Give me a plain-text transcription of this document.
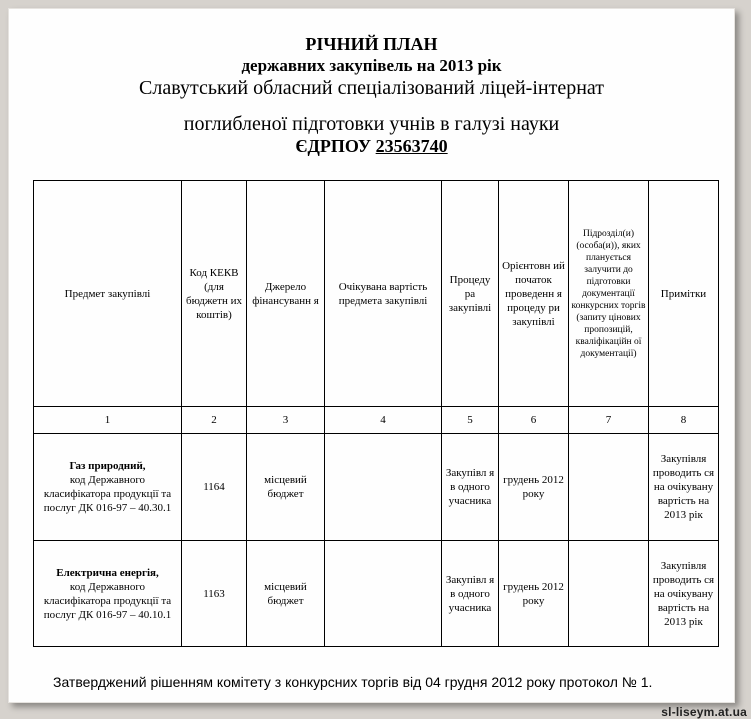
РІЧНИЙ ПЛАН
державних закупівель на 2013 рік
Славутський обласний спеціалізований ліцей-інтернат
поглибленої підготовки учнів в галузі науки
ЄДРПОУ 23563740
Предмет закупівлі	Код КЕКВ (для бюджетн их коштів)	Джерело фінансуванн я	Очікувана вартість предмета закупівлі	Процеду ра закупівлі	Орієнтовн ий початок проведенн я процеду ри закупівлі	Підрозділ(и) (особа(и)), яких планується залучити до підготовки документації конкурсних торгів (запиту цінових пропозицій, кваліфікаційн ої документації)	Примітки
1	2	3	4	5	6	7	8

Газ природний,
код Державного класифікатора продукції та послуг ДК 016-97 – 40.30.1	1164	місцевий бюджет		Закупівл я в одного учасника	грудень 2012 року		Закупівля проводить ся на очікувану вартість на 2013 рік

Електрична енергія,
код Державного класифікатора продукції та послуг ДК 016-97 – 40.10.1	1163	місцевий бюджет		Закупівл я в одного учасника	грудень 2012 року		Закупівля проводить ся на очікувану вартість на 2013 рік
Затверджений рішенням комітету з конкурсних торгів від 04 грудня 2012 року протокол № 1.
sl-liseym.at.ua
